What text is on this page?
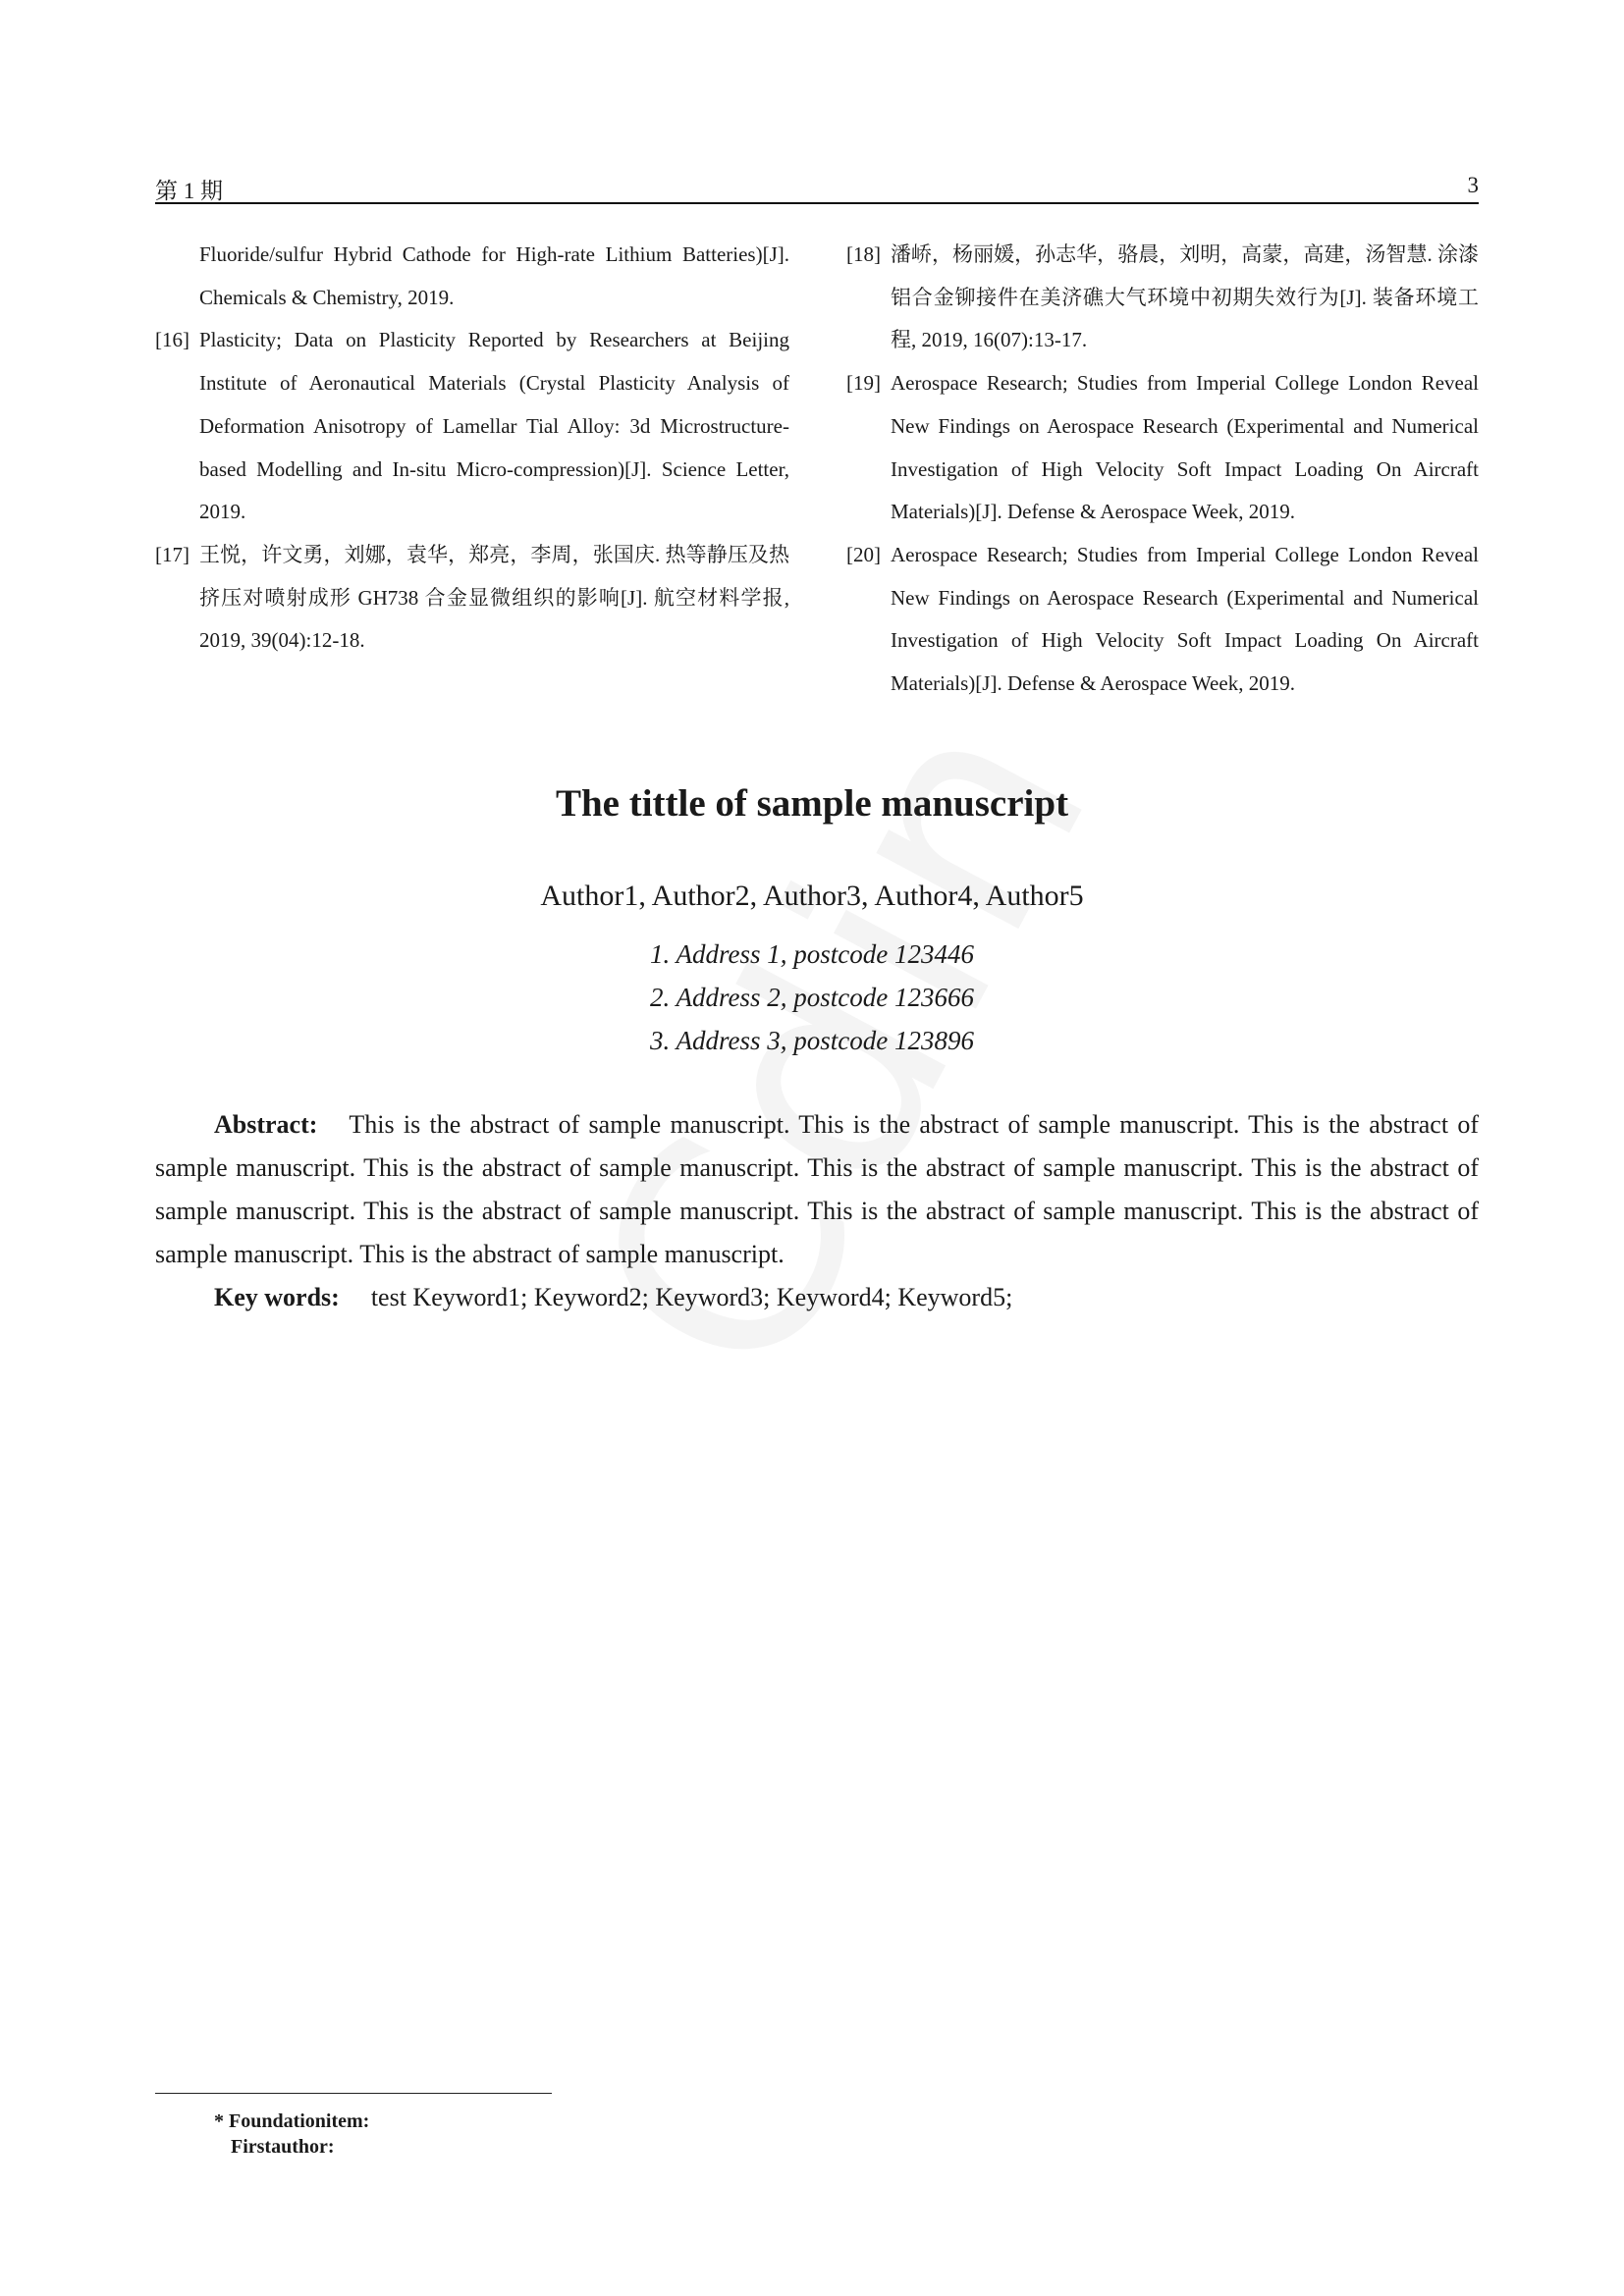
第 1 期	3
Fluoride/sulfur Hybrid Cathode for High-rate Lithium Batteries)[J]. Chemicals & Chemistry, 2019.
[16] Plasticity; Data on Plasticity Reported by Researchers at Beijing Institute of Aeronautical Materials (Crystal Plasticity Analysis of Deformation Anisotropy of Lamellar Tial Alloy: 3d Microstructure-based Modelling and In-situ Micro-compression)[J]. Science Letter, 2019.
[17] 王悦，许文勇，刘娜，袁华，郑亮，李周，张国庆. 热等静压及热挤压对喷射成形 GH738 合金显微组织的影响[J]. 航空材料学报, 2019, 39(04):12-18.
[18] 潘峤，杨丽媛，孙志华，骆晨，刘明，高蒙，高建，汤智慧. 涂漆铝合金铆接件在美济礁大气环境中初期失效行为[J]. 装备环境工程, 2019, 16(07):13-17.
[19] Aerospace Research; Studies from Imperial College London Reveal New Findings on Aerospace Research (Experimental and Numerical Investigation of High Velocity Soft Impact Loading On Aircraft Materials)[J]. Defense & Aerospace Week, 2019.
[20] Aerospace Research; Studies from Imperial College London Reveal New Findings on Aerospace Research (Experimental and Numerical Investigation of High Velocity Soft Impact Loading On Aircraft Materials)[J]. Defense & Aerospace Week, 2019.
The tittle of sample manuscript
Author1, Author2, Author3, Author4, Author5
1. Address 1, postcode 123446
2. Address 2, postcode 123666
3. Address 3, postcode 123896
Abstract: This is the abstract of sample manuscript. This is the abstract of sample manuscript. This is the abstract of sample manuscript. This is the abstract of sample manuscript. This is the abstract of sample manuscript. This is the abstract of sample manuscript. This is the abstract of sample manuscript. This is the abstract of sample manuscript. This is the abstract of sample manuscript. This is the abstract of sample manuscript.
Key words: test Keyword1; Keyword2; Keyword3; Keyword4; Keyword5;
* Foundationitem:
Firstauthor:
